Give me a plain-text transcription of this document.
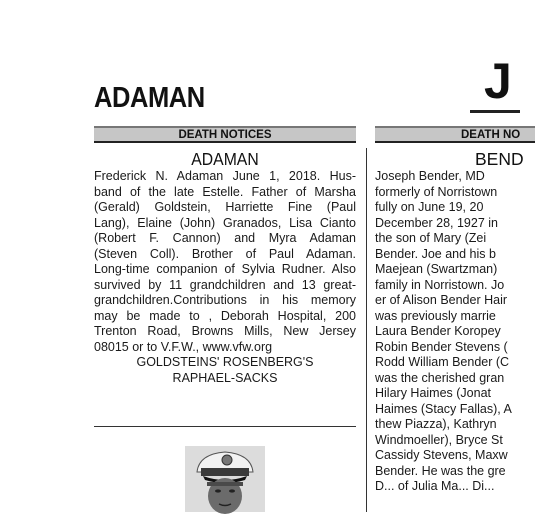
ADAMAN	J
DEATH NOTICES
ADAMAN
Frederick N. Adaman June 1, 2018. Hus-
band of the late Estelle. Father of Marsha
(Gerald) Goldstein, Harriette Fine (Paul
Lang), Elaine (John) Granados, Lisa Cianto
(Robert F. Cannon) and Myra Adaman
(Steven Coll). Brother of Paul Adaman.
Long-time companion of Sylvia Rudner. Also
survived by 11 grandchildren and 13 great-
grandchildren.Contributions in his memory
may be made to , Deborah Hospital, 200
Trenton Road, Browns Mills, New Jersey
08015 or to V.F.W., www.vfw.org
GOLDSTEINS' ROSENBERG'S
RAPHAEL-SACKS
DEATH NO
BEND
Joseph Bender, MD
formerly of Norristown
fully on June 19, 20
December 28, 1927 in
the son of Mary (Zei
Bender. Joe and his b
Maejean (Swartzman)
family in Norristown. Jo
er of Alison Bender Hair
was previously marrie
Laura Bender Koropey
Robin Bender Stevens (
Rodd William Bender (C
was the cherished gran
Hilary Haimes (Jonat
Haimes (Stacy Fallas), A
thew Piazza), Kathryn
Windmoeller), Bryce St
Cassidy Stevens, Maxw
Bender. He was the gre
D... of Julia Ma... Di...
